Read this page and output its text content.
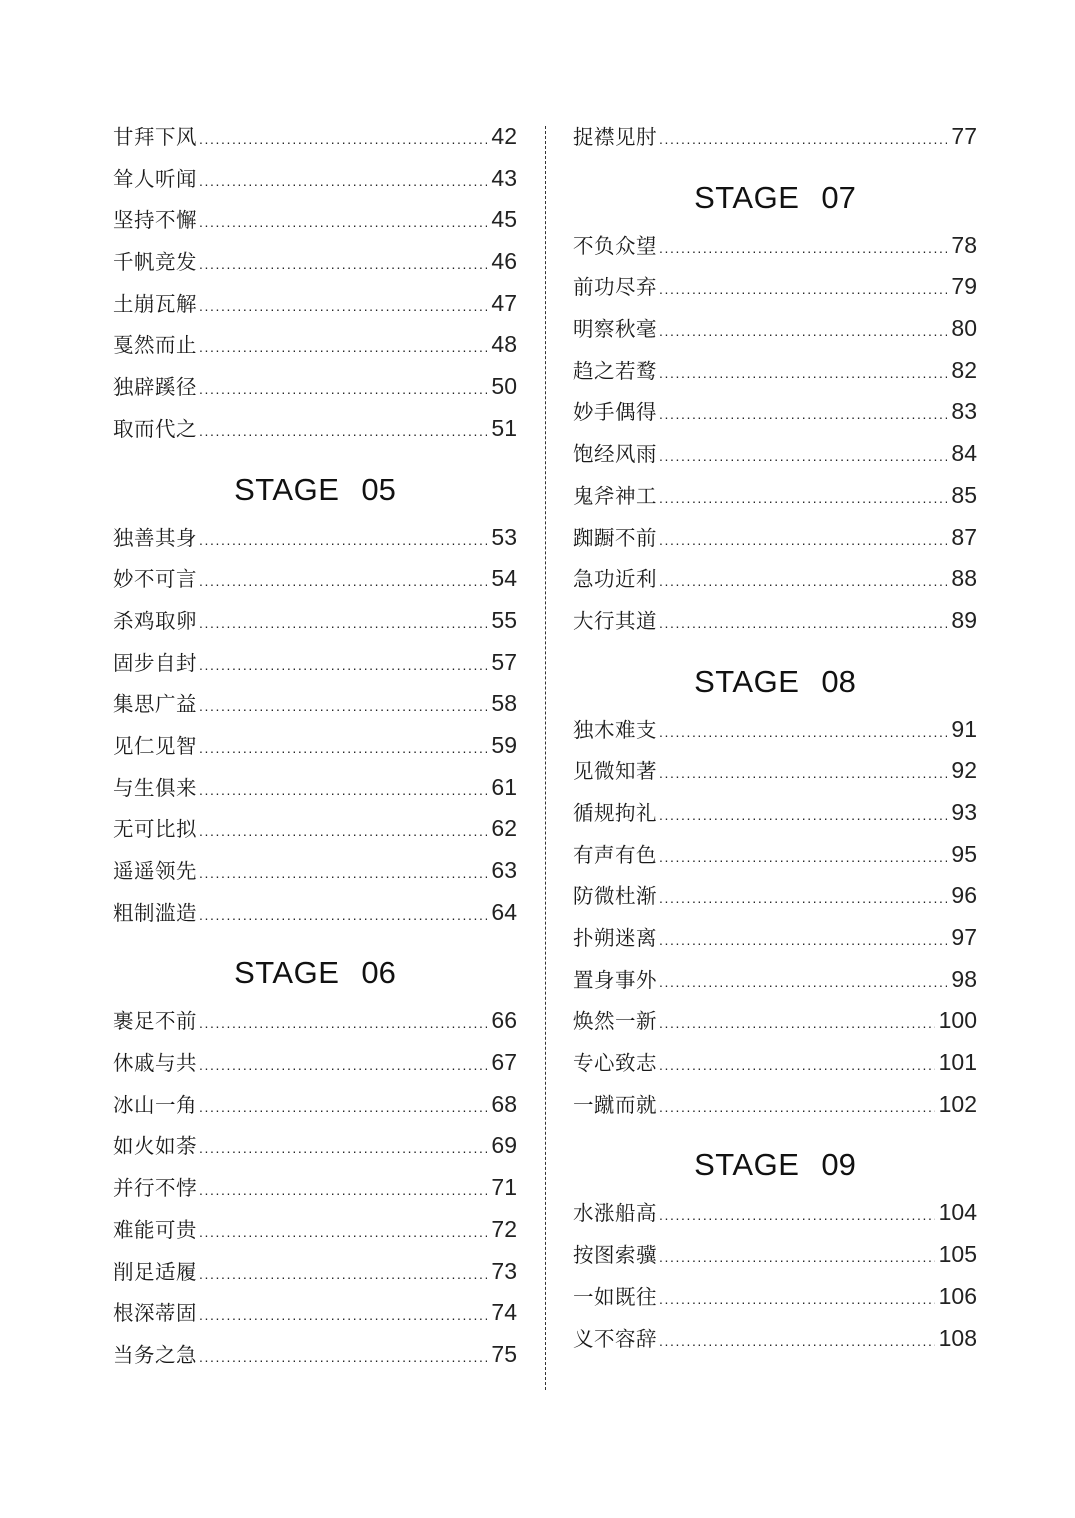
甘拜下风 .....	42
耸人听闻 .....	43
坚持不懈 .....	45
千帆竞发 .....	46
土崩瓦解 .....	47
戛然而止 .....	48
独辟蹊径 .....	50
取而代之 .....	51
STAGE 05
独善其身 .....	53
妙不可言 .....	54
杀鸡取卵 .....	55
固步自封 .....	57
集思广益 .....	58
见仁见智 .....	59
与生俱来 .....	61
无可比拟 .....	62
遥遥领先 .....	63
粗制滥造 .....	64
STAGE 06
裹足不前 .....	66
休戚与共 .....	67
冰山一角 .....	68
如火如荼 .....	69
并行不悖 .....	71
难能可贵 .....	72
削足适履 .....	73
根深蒂固 .....	74
当务之急 .....	75
捉襟见肘 .....	77
STAGE 07
不负众望 .....	78
前功尽弃 .....	79
明察秋毫 .....	80
趋之若鹜 .....	82
妙手偶得 .....	83
饱经风雨 .....	84
鬼斧神工 .....	85
踟蹰不前 .....	87
急功近利 .....	88
大行其道 .....	89
STAGE 08
独木难支 .....	91
见微知著 .....	92
循规拘礼 .....	93
有声有色 .....	95
防微杜渐 .....	96
扑朔迷离 .....	97
置身事外 .....	98
焕然一新 .....	100
专心致志 .....	101
一蹴而就 .....	102
STAGE 09
水涨船高 .....	104
按图索骥 .....	105
一如既往 .....	106
义不容辞 .....	108
